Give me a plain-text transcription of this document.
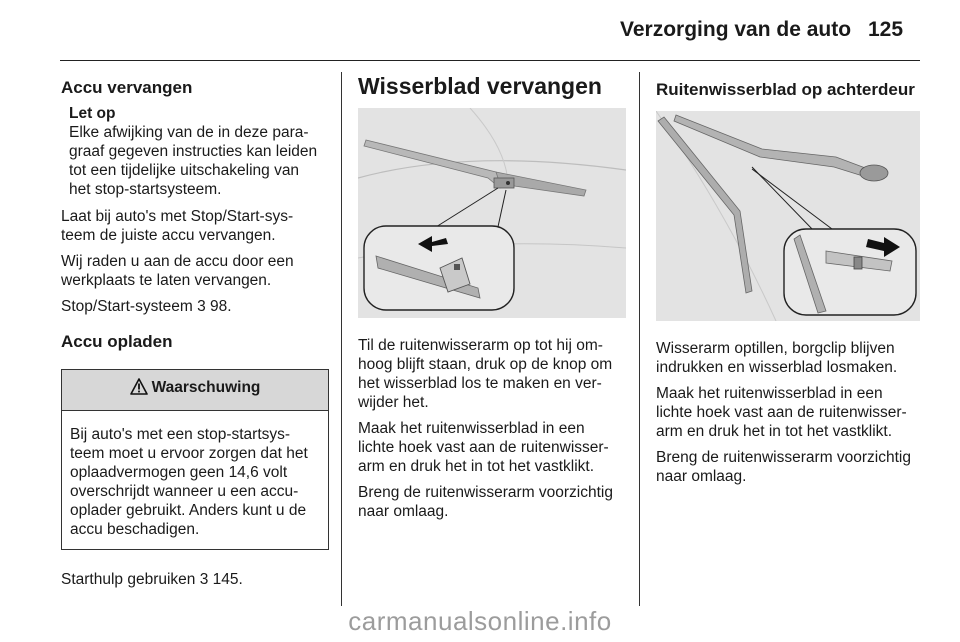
Verzorging van de auto 125
Accu vervangen
Let op

Elke afwijking van de in deze para-

graaf gegeven instructies kan leiden

tot een tijdelijke uitschakeling van

het stop-startsysteem.

Laat bij auto's met Stop/Start-sys-
teem de juiste accu vervangen.

Wij raden u aan de accu door een
werkplaats te laten vervangen.

Stop/Start-systeem 3 98.

Accu opladen
Waarschuwing

Bij auto's met een stop-startsys-

teem moet u ervoor zorgen dat het

oplaadvermogen geen 14,6 volt

overschrijdt wanneer u een accu-

oplader gebruikt. Anders kunt u de

accu beschadigen.

Starthulp gebruiken 3 145.

Wisserblad vervangen

Til de ruitenwisserarm op tot hij om-
hoog blijft staan, druk op de knop om
het wisserblad los te maken en ver-
wijder het.

Maak het ruitenwisserblad in een
lichte hoek vast aan de ruitenwisser-
arm en druk het in tot het vastklikt.

Breng de ruitenwisserarm voorzichtig
naar omlaag.

Ruitenwisserblad op achterdeur

Wisserarm optillen, borgclip blijven
indrukken en wisserblad losmaken.

Maak het ruitenwisserblad in een
lichte hoek vast aan de ruitenwisser-
arm en druk het in tot het vastklikt.

Breng de ruitenwisserarm voorzichtig
naar omlaag.

carmanualsonline.info
